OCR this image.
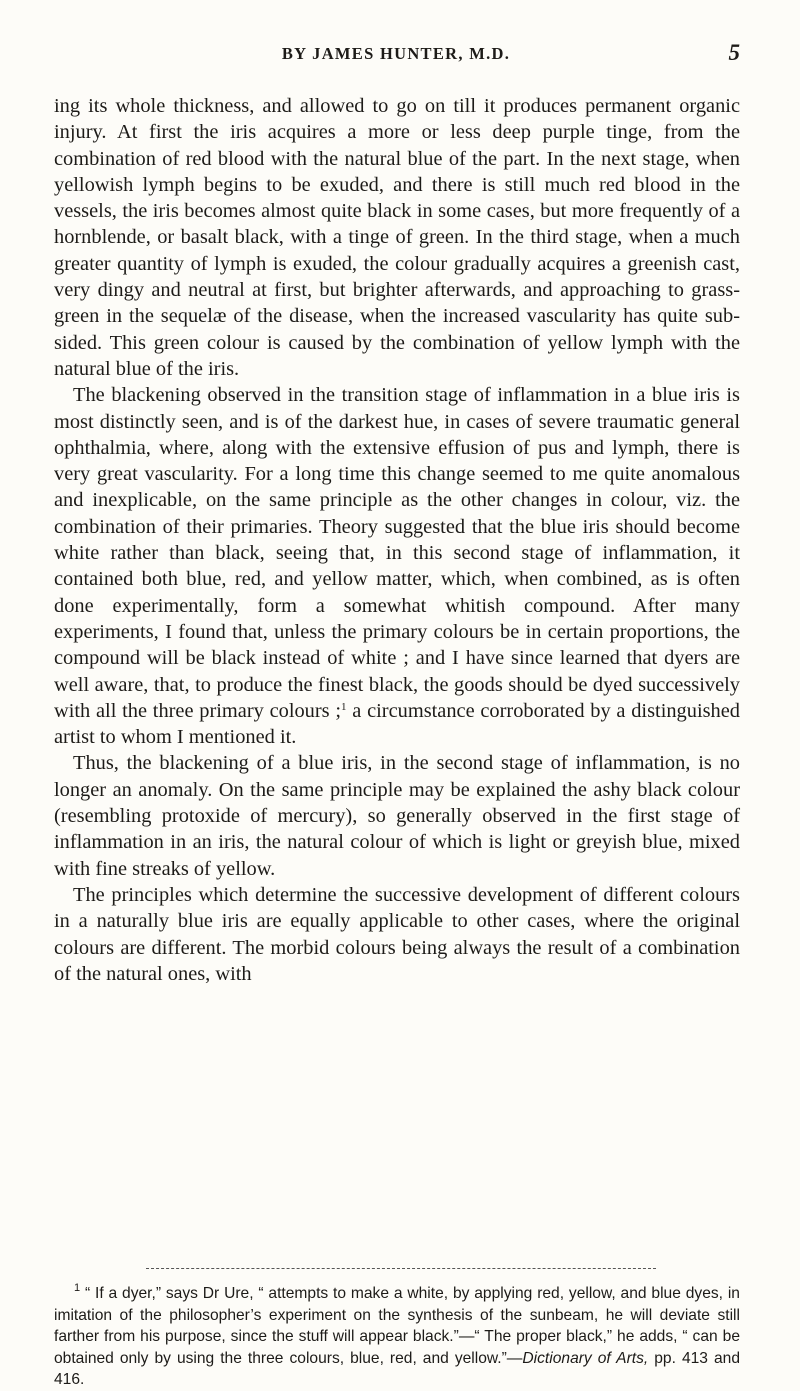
BY JAMES HUNTER, M.D.	5

ing its whole thickness, and allowed to go on till it produces permanent organic injury. At first the iris acquires a more or less deep purple tinge, from the combination of red blood with the natural blue of the part. In the next stage, when yellowish lymph begins to be exuded, and there is still much red blood in the vessels, the iris becomes almost quite black in some cases, but more frequently of a hornblende, or basalt black, with a tinge of green. In the third stage, when a much greater quantity of lymph is exuded, the colour gradually acquires a greenish cast, very dingy and neutral at first, but brighter afterwards, and approaching to grass-green in the sequelæ of the disease, when the increased vascularity has quite subsided. This green colour is caused by the combination of yellow lymph with the natural blue of the iris.

The blackening observed in the transition stage of inflammation in a blue iris is most distinctly seen, and is of the darkest hue, in cases of severe traumatic general ophthalmia, where, along with the extensive effusion of pus and lymph, there is very great vascularity. For a long time this change seemed to me quite anomalous and inexplicable, on the same principle as the other changes in colour, viz. the combination of their primaries. Theory suggested that the blue iris should become white rather than black, seeing that, in this second stage of inflammation, it contained both blue, red, and yellow matter, which, when combined, as is often done experimentally, form a somewhat whitish compound. After many experiments, I found that, unless the primary colours be in certain proportions, the compound will be black instead of white ; and I have since learned that dyers are well aware, that, to produce the finest black, the goods should be dyed successively with all the three primary colours ;$^1$ a circumstance corroborated by a distinguished artist to whom I mentioned it.

Thus, the blackening of a blue iris, in the second stage of inflammation, is no longer an anomaly. On the same principle may be explained the ashy black colour (resembling protoxide of mercury), so generally observed in the first stage of inflammation in an iris, the natural colour of which is light or greyish blue, mixed with fine streaks of yellow.

The principles which determine the successive development of different colours in a naturally blue iris are equally applicable to other cases, where the original colours are different. The morbid colours being always the result of a combination of the natural ones, with

$^1$ “ If a dyer,” says Dr Ure, “ attempts to make a white, by applying red, yellow, and blue dyes, in imitation of the philosopher’s experiment on the synthesis of the sunbeam, he will deviate still farther from his purpose, since the stuff will appear black.”—“ The proper black,” he adds, “ can be obtained only by using the three colours, blue, red, and yellow.”—Dictionary of Arts, pp. 413 and 416.
